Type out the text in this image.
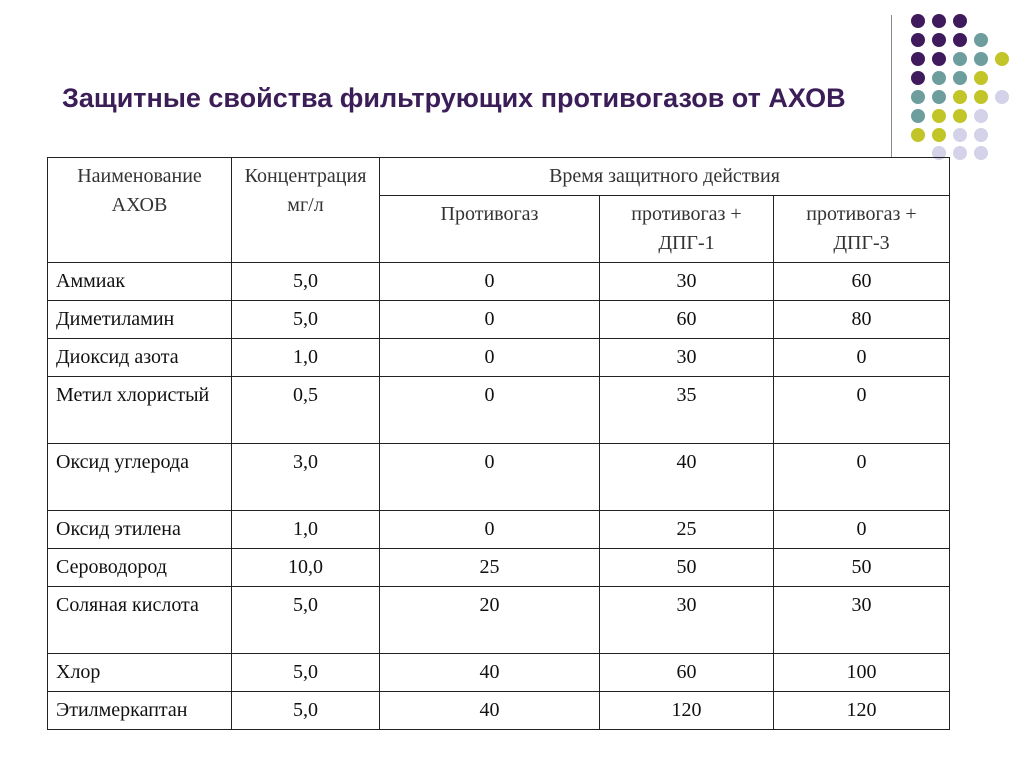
Защитные свойства фильтрующих противогазов от АХОВ
Наименование АХОВ	Концентрация мг/л	Время защитного действия		
		Противогаз	противогаз + ДПГ-1	противогаз + ДПГ-3
Аммиак	5,0	0	30	60
Диметиламин	5,0	0	60	80
Диоксид азота	1,0	0	30	0
Метил хлористый	0,5	0	35	0
Оксид углерода	3,0	0	40	0
Оксид этилена	1,0	0	25	0
Сероводород	10,0	25	50	50
Соляная кислота	5,0	20	30	30
Хлор	5,0	40	60	100
Этилмеркаптан	5,0	40	120	120
